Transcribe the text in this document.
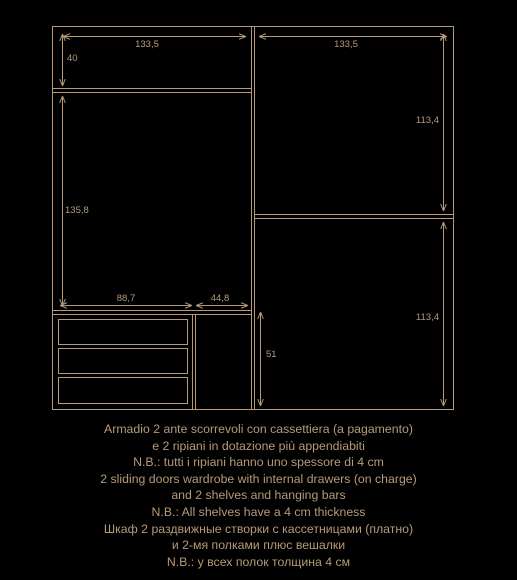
133,5	133,5
40
135,8
113,4
113,4
88,7	44,8
51
Armadio 2 ante scorrevoli con cassettiera (a pagamento)
e 2 ripiani in dotazione più appendiabiti
N.B.: tutti i ripiani hanno uno spessore di 4 cm
2 sliding doors wardrobe with internal drawers (on charge)
and 2 shelves and hanging bars
N.B.: All shelves have a 4 cm thickness
Шкаф 2 раздвижные створки с кассетницами (платно)
и 2-мя полками плюс вешалки
N.B.: у всех полок толщина 4 см
